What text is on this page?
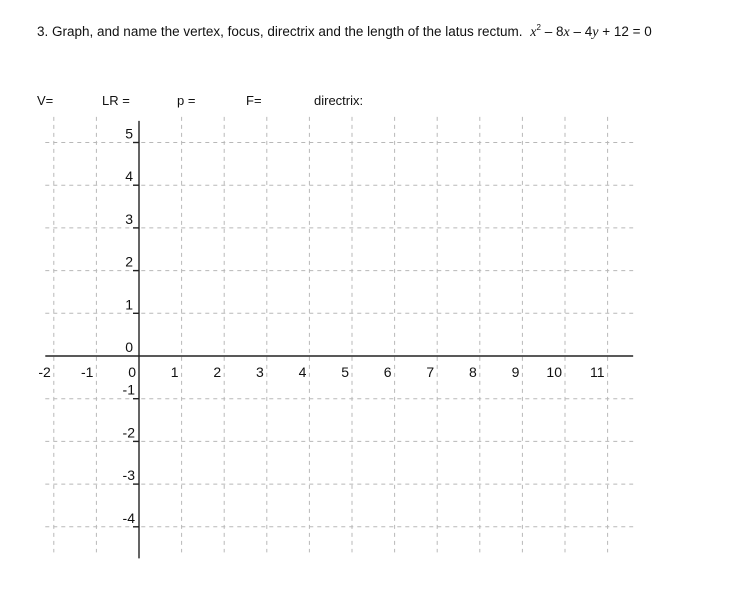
3. Graph, and name the vertex, focus, directrix and the length of the latus rectum. $x^2 - 8x - 4y + 12 = 0$
V=	LR =	p =	F=	directrix:
-2 -1 0 1 2 3 4 5 6 7 8 9 10 11
5
4
3
2
1
0
-1
-2
-3
-4
